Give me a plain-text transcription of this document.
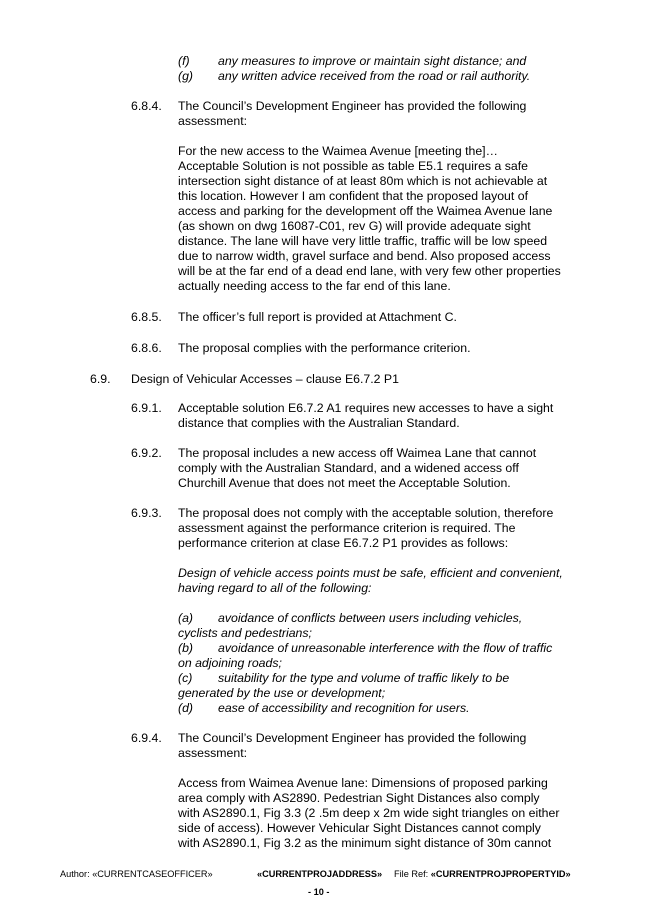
(f) any measures to improve or maintain sight distance; and
(g) any written advice received from the road or rail authority.
6.8.4. The Council’s Development Engineer has provided the following
assessment:
For the new access to the Waimea Avenue [meeting the]…
Acceptable Solution is not possible as table E5.1 requires a safe
intersection sight distance of at least 80m which is not achievable at
this location. However I am confident that the proposed layout of
access and parking for the development off the Waimea Avenue lane
(as shown on dwg 16087-C01, rev G) will provide adequate sight
distance. The lane will have very little traffic, traffic will be low speed
due to narrow width, gravel surface and bend. Also proposed access
will be at the far end of a dead end lane, with very few other properties
actually needing access to the far end of this lane.
6.8.5. The officer’s full report is provided at Attachment C.
6.8.6. The proposal complies with the performance criterion.
6.9. Design of Vehicular Accesses – clause E6.7.2 P1
6.9.1. Acceptable solution E6.7.2 A1 requires new accesses to have a sight
distance that complies with the Australian Standard.
6.9.2. The proposal includes a new access off Waimea Lane that cannot
comply with the Australian Standard, and a widened access off
Churchill Avenue that does not meet the Acceptable Solution.
6.9.3. The proposal does not comply with the acceptable solution, therefore
assessment against the performance criterion is required. The
performance criterion at clase E6.7.2 P1 provides as follows:
Design of vehicle access points must be safe, efficient and convenient,
having regard to all of the following:
(a) avoidance of conflicts between users including vehicles,
cyclists and pedestrians;
(b) avoidance of unreasonable interference with the flow of traffic
on adjoining roads;
(c) suitability for the type and volume of traffic likely to be
generated by the use or development;
(d) ease of accessibility and recognition for users.
6.9.4. The Council’s Development Engineer has provided the following
assessment:
Access from Waimea Avenue lane: Dimensions of proposed parking
area comply with AS2890. Pedestrian Sight Distances also comply
with AS2890.1, Fig 3.3 (2 .5m deep x 2m wide sight triangles on either
side of access). However Vehicular Sight Distances cannot comply
with AS2890.1, Fig 3.2 as the minimum sight distance of 30m cannot
Author: «CURRENTCASEOFFICER»	«CURRENTPROJADDRESS» File Ref: «CURRENTPROJPROPERTYID»
- 10 -
